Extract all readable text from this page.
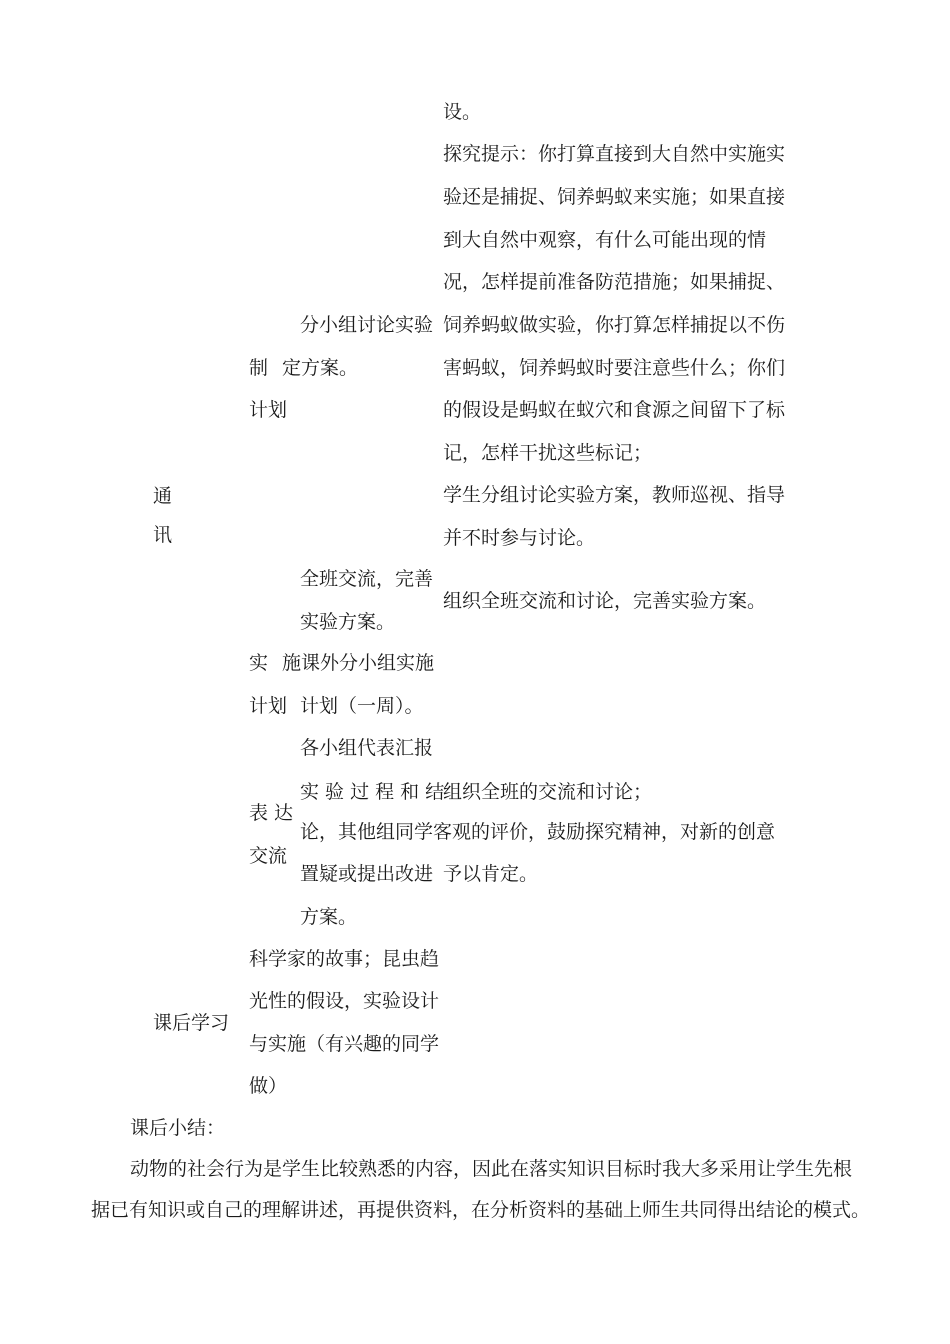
设。
探究提示：你打算直接到大自然中实施实
验还是捕捉、饲养蚂蚁来实施；如果直接
到大自然中观察，有什么可能出现的情
况，怎样提前准备防范措施；如果捕捉、
饲养蚂蚁做实验，你打算怎样捕捉以不伤
害蚂蚁，饲养蚂蚁时要注意些什么；你们
的假设是蚂蚁在蚁穴和食源之间留下了标
记，怎样干扰这些标记；
学生分组讨论实验方案，教师巡视、指导
并不时参与讨论。
组织全班交流和讨论，完善实验方案。
组织全班的交流和讨论；
予以肯定。
分小组讨论实验
定方案。
全班交流，完善
实验方案。
施课外分小组实施
计划（一周）。
各小组代表汇报
实 验 过 程 和 结
论，其他组同学客观的评价，鼓励探究精神，对新的创意
置疑或提出改进
方案。
制
计划
实
计划
表 达
交流
科学家的故事；昆虫趋
光性的假设，实验设计
与实施（有兴趣的同学
做）
通
讯
课后学习
课后小结：
动物的社会行为是学生比较熟悉的内容，因此在落实知识目标时我大多采用让学生先根
据已有知识或自己的理解讲述，再提供资料，在分析资料的基础上师生共同得出结论的模式。
